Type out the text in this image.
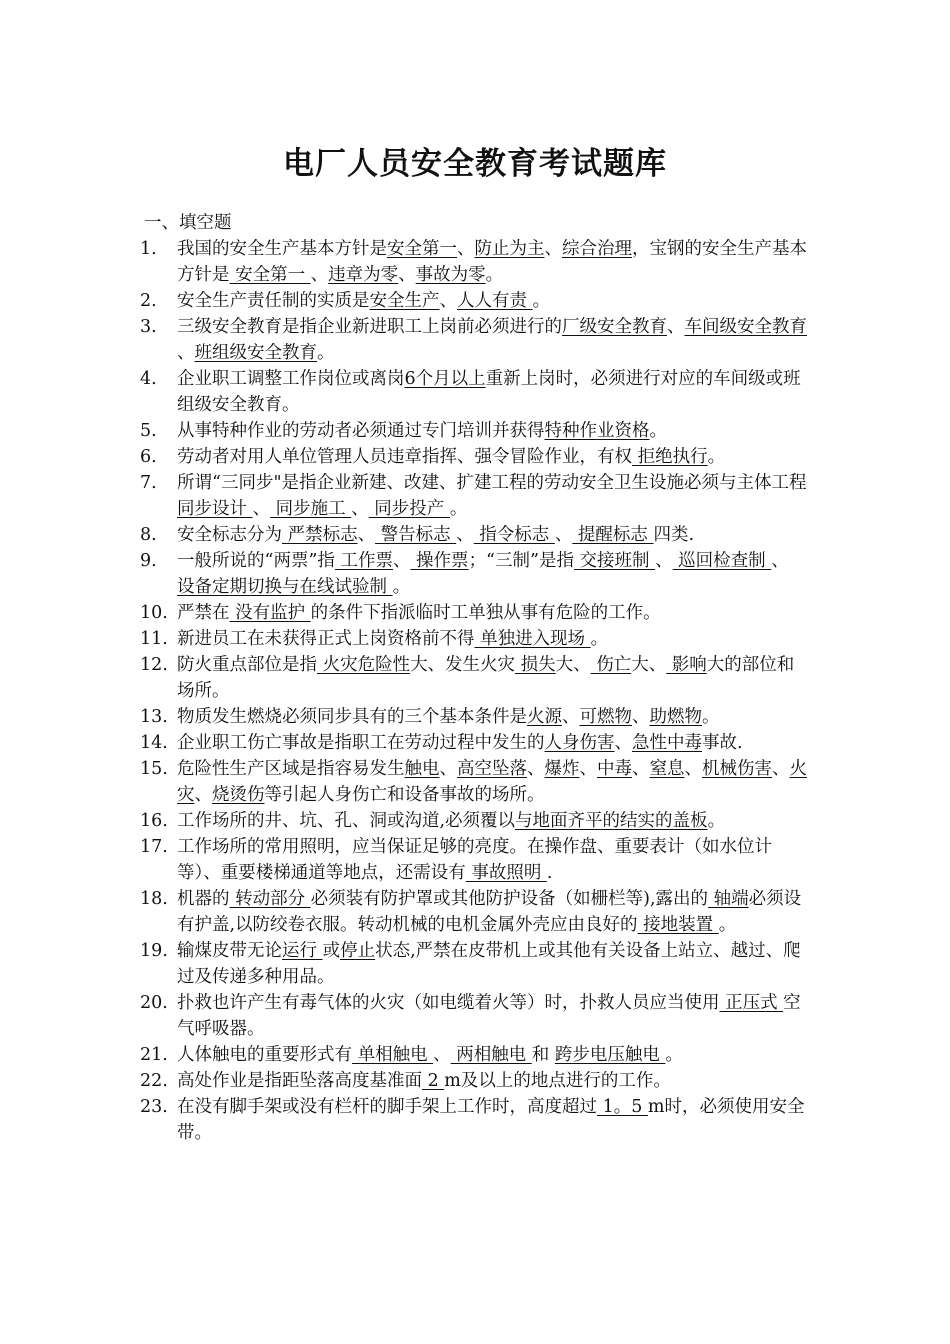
电厂人员安全教育考试题库

一、填空题

1.	我国的安全生产基本方针是安全第一、防止为主、综合治理，宝钢的安全生产基本方针是 安全第一 、违章为零、事故为零。
2.	安全生产责任制的实质是安全生产、人人有责 。
3.	三级安全教育是指企业新进职工上岗前必须进行的厂级安全教育、车间级安全教育 、班组级安全教育。
4.	企业职工调整工作岗位或离岗6个月以上重新上岗时，必须进行对应的车间级或班组级安全教育。
5.	从事特种作业的劳动者必须通过专门培训并获得特种作业资格。
6.	劳动者对用人单位管理人员违章指挥、强令冒险作业，有权 拒绝执行。
7.	所谓“三同步"是指企业新建、改建、扩建工程的劳动安全卫生设施必须与主体工程 同步设计 、 同步施工 、 同步投产 。
8.	安全标志分为 严禁标志、 警告标志 、 指令标志 、 提醒标志 四类.
9.	一般所说的“两票”指 工作票、 操作票；“三制”是指 交接班制 、 巡回检查制 、 设备定期切换与在线试验制 。
10. 严禁在 没有监护 的条件下指派临时工单独从事有危险的工作。
11. 新进员工在未获得正式上岗资格前不得 单独进入现场 。
12. 防火重点部位是指 火灾危险性大、发生火灾 损失大、 伤亡大、 影响大的部位和场所。
13. 物质发生燃烧必须同步具有的三个基本条件是火源、可燃物、助燃物。
14. 企业职工伤亡事故是指职工在劳动过程中发生的人身伤害、急性中毒事故.
15. 危险性生产区域是指容易发生触电、高空坠落、爆炸、中毒、窒息、机械伤害、火灾、烧烫伤等引起人身伤亡和设备事故的场所。
16. 工作场所的井、坑、孔、洞或沟道,必须覆以与地面齐平的结实的盖板。
17. 工作场所的常用照明，应当保证足够的亮度。在操作盘、重要表计（如水位计等）、重要楼梯通道等地点，还需设有 事故照明 .
18. 机器的 转动部分 必须装有防护罩或其他防护设备（如栅栏等),露出的 轴端必须设有护盖,以防绞卷衣服。转动机械的电机金属外壳应由良好的 接地装置 。
19. 输煤皮带无论运行 或停止状态,严禁在皮带机上或其他有关设备上站立、越过、爬过及传递多种用品。
20. 扑救也许产生有毒气体的火灾（如电缆着火等）时，扑救人员应当使用 正压式 空气呼吸器。
21. 人体触电的重要形式有 单相触电 、 两相触电 和 跨步电压触电 。
22. 高处作业是指距坠落高度基准面 2 m及以上的地点进行的工作。
23. 在没有脚手架或没有栏杆的脚手架上工作时，高度超过 1。5 m时，必须使用安全带。
